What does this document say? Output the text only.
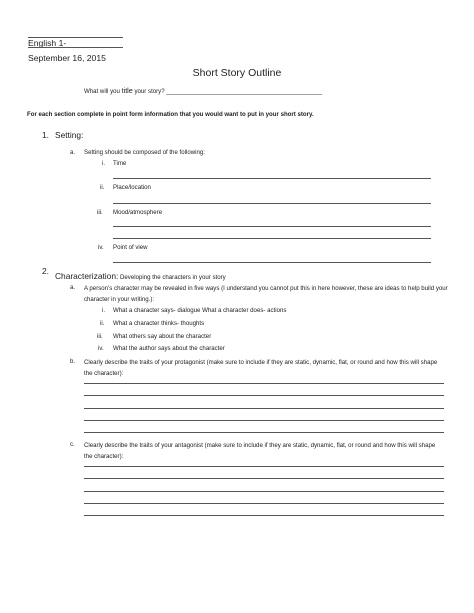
English 1- ____
September 16, 2015
Short Story Outline
What will you title your story? ______________________________________________
For each section complete in point form information that you would want to put in your short story.
1. Setting:
a. Setting should be composed of the following:
i. Time
ii. Place/location
iii. Mood/atmosphere
iv. Point of view
2. Characterization: Developing the characters in your story
a. A person’s character may be revealed in five ways (I understand you cannot put this in here however, these are ideas to help build your character in your writing.):
i. What a character says- dialogue What a character does- actions
ii. What a character thinks- thoughts
iii. What others say about the character
iv. What the author says about the character
b. Clearly describe the traits of your protagonist (make sure to include if they are static, dynamic, flat, or round and how this will shape the character):
c. Clearly describe the traits of your antagonist (make sure to include if they are static, dynamic, flat, or round and how this will shape the character):
